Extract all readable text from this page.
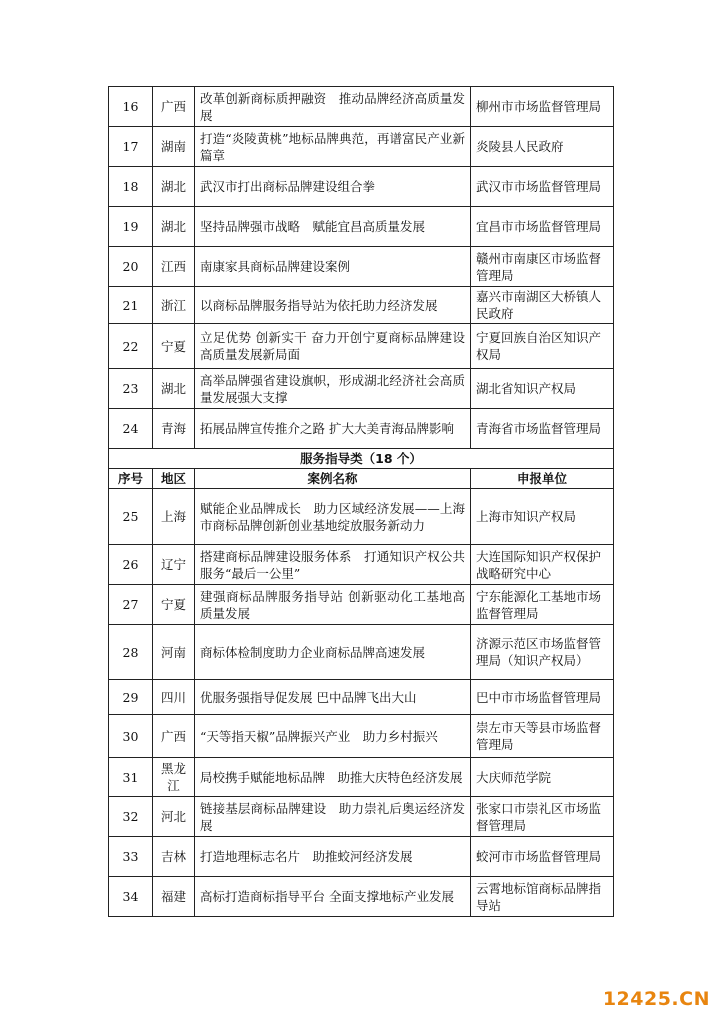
16	广西	改革创新商标质押融资　推动品牌经济高质量发展	柳州市市场监督管理局
17	湖南	打造“炎陵黄桃”地标品牌典范，再谱富民产业新篇章	炎陵县人民政府
18	湖北	武汉市打出商标品牌建设组合拳	武汉市市场监督管理局
19	湖北	坚持品牌强市战略　赋能宜昌高质量发展	宜昌市市场监督管理局
20	江西	南康家具商标品牌建设案例	赣州市南康区市场监督管理局
21	浙江	以商标品牌服务指导站为依托助力经济发展	嘉兴市南湖区大桥镇人民政府
22	宁夏	立足优势 创新实干 奋力开创宁夏商标品牌建设高质量发展新局面	宁夏回族自治区知识产权局
23	湖北	高举品牌强省建设旗帜，形成湖北经济社会高质量发展强大支撑	湖北省知识产权局
24	青海	拓展品牌宣传推介之路 扩大大美青海品牌影响	青海省市场监督管理局
服务指导类（18 个）			
序号	地区	案例名称	申报单位
25	上海	赋能企业品牌成长　助力区域经济发展——上海市商标品牌创新创业基地绽放服务新动力	上海市知识产权局
26	辽宁	搭建商标品牌建设服务体系　打通知识产权公共服务“最后一公里”	大连国际知识产权保护战略研究中心
27	宁夏	建强商标品牌服务指导站 创新驱动化工基地高质量发展	宁东能源化工基地市场监督管理局
28	河南	商标体检制度助力企业商标品牌高速发展	济源示范区市场监督管理局（知识产权局）
29	四川	优服务强指导促发展 巴中品牌飞出大山	巴中市市场监督管理局
30	广西	“天等指天椒”品牌振兴产业　助力乡村振兴	崇左市天等县市场监督管理局
31	黑龙江	局校携手赋能地标品牌　助推大庆特色经济发展	大庆师范学院
32	河北	链接基层商标品牌建设　助力崇礼后奥运经济发展	张家口市崇礼区市场监督管理局
33	吉林	打造地理标志名片　助推蛟河经济发展	蛟河市市场监督管理局
34	福建	高标打造商标指导平台 全面支撑地标产业发展	云霄地标馆商标品牌指导站
12425.CN
